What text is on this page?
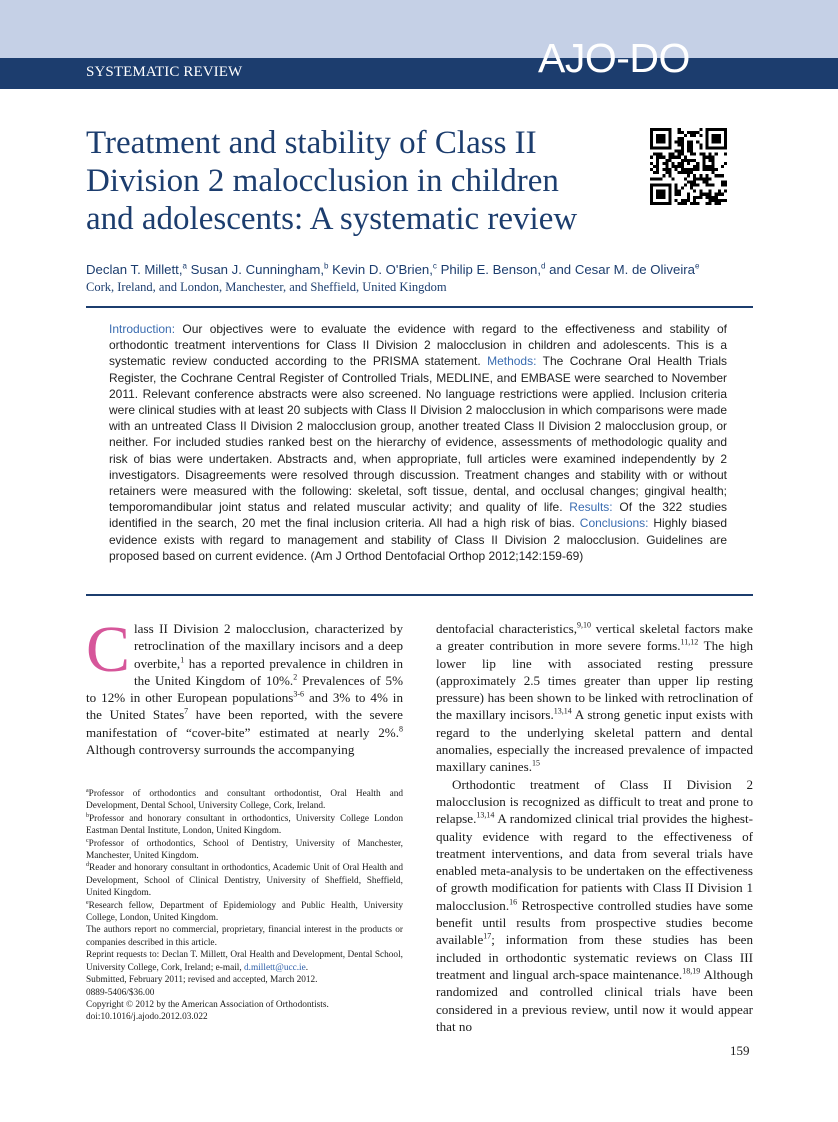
SYSTEMATIC REVIEW	AJO-DO
Treatment and stability of Class II
Division 2 malocclusion in children
and adolescents: A systematic review
Declan T. Millett,$^a$ Susan J. Cunningham,$^b$ Kevin D. O'Brien,$^c$ Philip E. Benson,$^d$ and Cesar M. de Oliveira$^e$
Cork, Ireland, and London, Manchester, and Sheffield, United Kingdom

Introduction: Our objectives were to evaluate the evidence with regard to the effectiveness and stability of orthodontic treatment interventions for Class II Division 2 malocclusion in children and adolescents. This is a systematic review conducted according to the PRISMA statement. Methods: The Cochrane Oral Health Trials Register, the Cochrane Central Register of Controlled Trials, MEDLINE, and EMBASE were searched to November 2011. Relevant conference abstracts were also screened. No language restrictions were applied. Inclusion criteria were clinical studies with at least 20 subjects with Class II Division 2 malocclusion in which comparisons were made with an untreated Class II Division 2 malocclusion group, another treated Class II Division 2 malocclusion group, or neither. For included studies ranked best on the hierarchy of evidence, assessments of methodologic quality and risk of bias were undertaken. Abstracts and, when appropriate, full articles were examined independently by 2 investigators. Disagreements were resolved through discussion. Treatment changes and stability with or without retainers were measured with the following: skeletal, soft tissue, dental, and occlusal changes; gingival health; temporomandibular joint status and related muscular activity; and quality of life. Results: Of the 322 studies identified in the search, 20 met the final inclusion criteria. All had a high risk of bias. Conclusions: Highly biased evidence exists with regard to management and stability of Class II Division 2 malocclusion. Guidelines are proposed based on current evidence. (Am J Orthod Dentofacial Orthop 2012;142:159-69)

Class II Division 2 malocclusion, characterized by retroclination of the maxillary incisors and a deep overbite,$^1$ has a reported prevalence in children in the United Kingdom of 10%.$^2$ Prevalences of 5% to 12% in other European populations$^{3-6}$ and 3% to 4% in the United States$^7$ have been reported, with the severe manifestation of “cover-bite” estimated at nearly 2%.$^8$ Although controversy surrounds the accompanying

dentofacial characteristics,$^{9,10}$ vertical skeletal factors make a greater contribution in more severe forms.$^{11,12}$ The high lower lip line with associated resting pressure (approximately 2.5 times greater than upper lip resting pressure) has been shown to be linked with retroclination of the maxillary incisors.$^{13,14}$ A strong genetic input exists with regard to the underlying skeletal pattern and dental anomalies, especially the increased prevalence of impacted maxillary canines.$^{15}$

Orthodontic treatment of Class II Division 2 malocclusion is recognized as difficult to treat and prone to relapse.$^{13,14}$ A randomized clinical trial provides the highest-quality evidence with regard to the effectiveness of treatment interventions, and data from several trials have enabled meta-analysis to be undertaken on the effectiveness of growth modification for patients with Class II Division 1 malocclusion.$^{16}$ Retrospective controlled studies have some benefit until results from prospective studies become available$^{17}$; information from these studies has been included in orthodontic systematic reviews on Class III treatment and lingual arch-space maintenance.$^{18,19}$ Although randomized and controlled clinical trials have been considered in a previous review, until now it would appear that no

$^a$Professor of orthodontics and consultant orthodontist, Oral Health and Development, Dental School, University College, Cork, Ireland.

$^b$Professor and honorary consultant in orthodontics, University College London Eastman Dental Institute, London, United Kingdom.

$^c$Professor of orthodontics, School of Dentistry, University of Manchester, Manchester, United Kingdom.

$^d$Reader and honorary consultant in orthodontics, Academic Unit of Oral Health and Development, School of Clinical Dentistry, University of Sheffield, Sheffield, United Kingdom.

$^e$Research fellow, Department of Epidemiology and Public Health, University College, London, United Kingdom.

The authors report no commercial, proprietary, financial interest in the products or companies described in this article.

Reprint requests to: Declan T. Millett, Oral Health and Development, Dental School, University College, Cork, Ireland; e-mail, d.millett@ucc.ie.

Submitted, February 2011; revised and accepted, March 2012.

0889-5406/$36.00

Copyright © 2012 by the American Association of Orthodontists.

doi:10.1016/j.ajodo.2012.03.022

159
